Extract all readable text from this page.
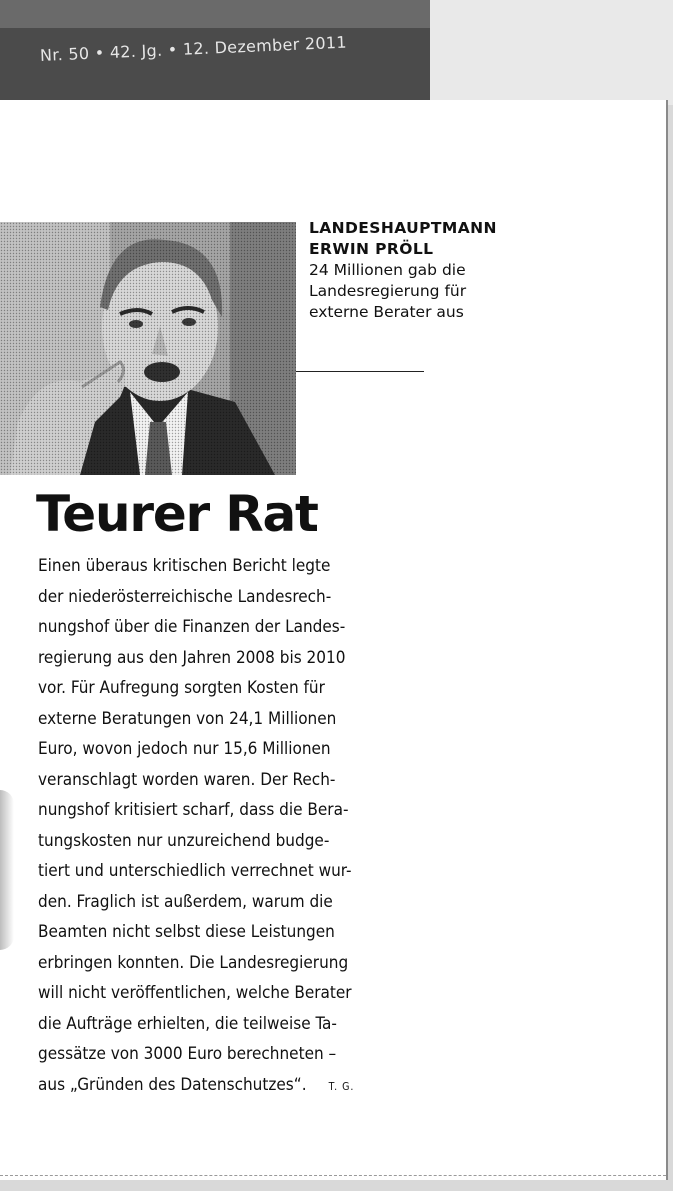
Nr. 50 • 42. Jg. • 12. Dezember 2011
LANDESHAUPTMANN
ERWIN PRÖLL
24 Millionen gab die
Landesregierung für
externe Berater aus
Teurer Rat
Einen überaus kritischen Bericht legte
der niederösterreichische Landesrech-
nungshof über die Finanzen der Landes-
regierung aus den Jahren 2008 bis 2010
vor. Für Aufregung sorgten Kosten für
externe Beratungen von 24,1 Millionen
Euro, wovon jedoch nur 15,6 Millionen
veranschlagt worden waren. Der Rech-
nungshof kritisiert scharf, dass die Bera-
tungskosten nur unzureichend budge-
tiert und unterschiedlich verrechnet wur-
den. Fraglich ist außerdem, warum die
Beamten nicht selbst diese Leistungen
erbringen konnten. Die Landesregierung
will nicht veröffentlichen, welche Berater
die Aufträge erhielten, die teilweise Ta-
gessätze von 3000 Euro berechneten –
aus „Gründen des Datenschutzes“. T. G.
